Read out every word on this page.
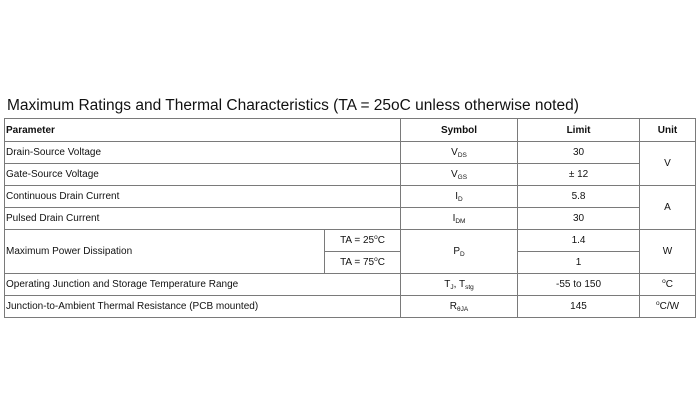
Maximum Ratings and Thermal Characteristics (TA = 25oC unless otherwise noted)
Parameter		Symbol	Limit	Unit
Drain-Source Voltage		$V_{DS}$	30	V
Gate-Source Voltage		$V_{GS}$	± 12	
Continuous Drain Current		$I_D$	5.8	A
Pulsed Drain Current		$I_{DM}$	30	
Maximum Power Dissipation	TA = $25^oC$	$P_D$	1.4	W
	TA = $75^oC$		1	
Operating Junction and Storage Temperature Range		$T_J$, $T_{stg}$	-55 to 150	$^o$C
Junction-to-Ambient Thermal Resistance (PCB mounted)		$R_{\theta JA}$	145	$^o$C/W
